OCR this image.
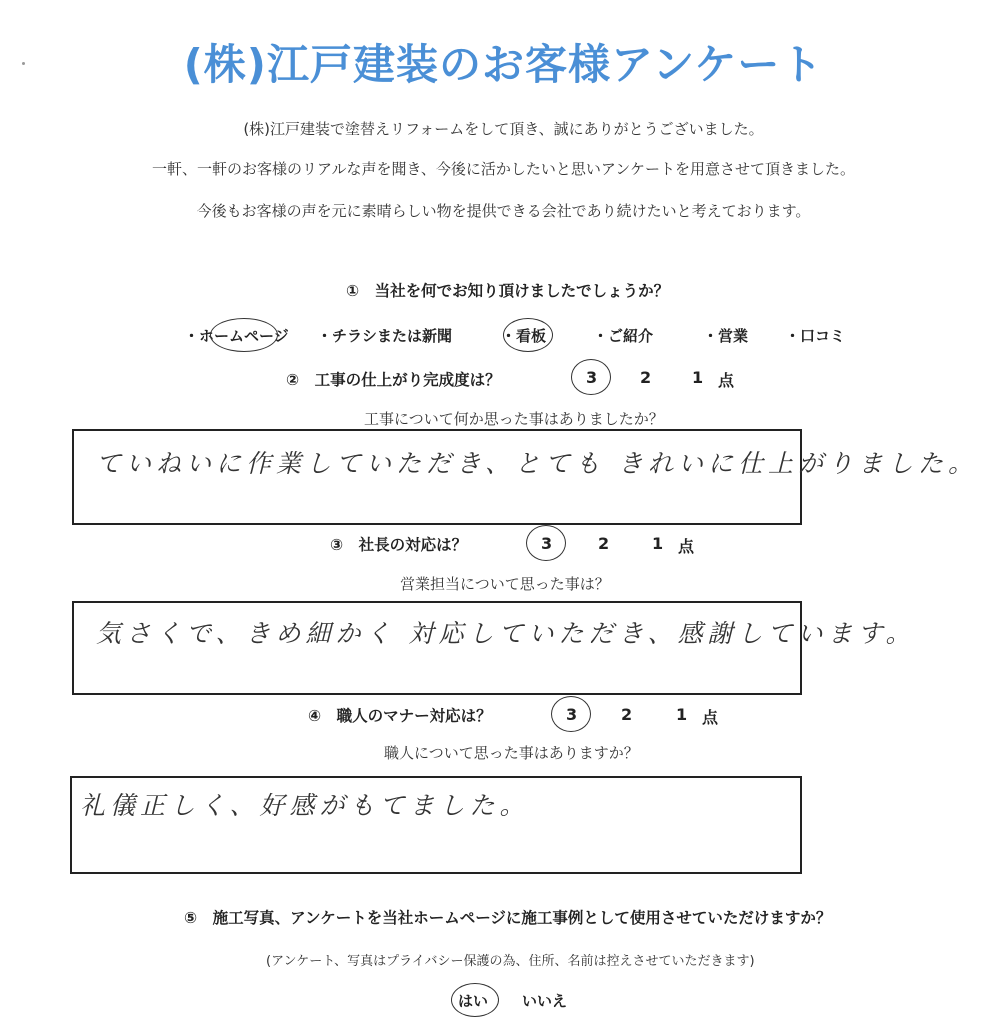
(株)江戸建装のお客様アンケート
(株)江戸建装で塗替えリフォームをして頂き、誠にありがとうございました。
一軒、一軒のお客様のリアルな声を聞き、今後に活かしたいと思いアンケートを用意させて頂きました。
今後もお客様の声を元に素晴らしい物を提供できる会社であり続けたいと考えております。
①　当社を何でお知り頂けましたでしょうか？
・ホームページ ・チラシまたは新聞	・看板	・ご紹介	・営業 ・口コミ
②　工事の仕上がり完成度は？	3	2	1 点
工事について何か思った事はありましたか？
ていねいに作業していただき、とても きれいに仕上がりました。
③　社長の対応は？	3	2	1 点
営業担当について思った事は？
気さくで、きめ細かく 対応していただき、感謝しています。
④　職人のマナー対応は？	3	2	1 点
職人について思った事はありますか？
礼儀正しく、好感がもてました。
⑤　施工写真、アンケートを当社ホームページに施工事例として使用させていただけますか？
(アンケート、写真はプライバシー保護の為、住所、名前は控えさせていただきます)
はい いいえ
